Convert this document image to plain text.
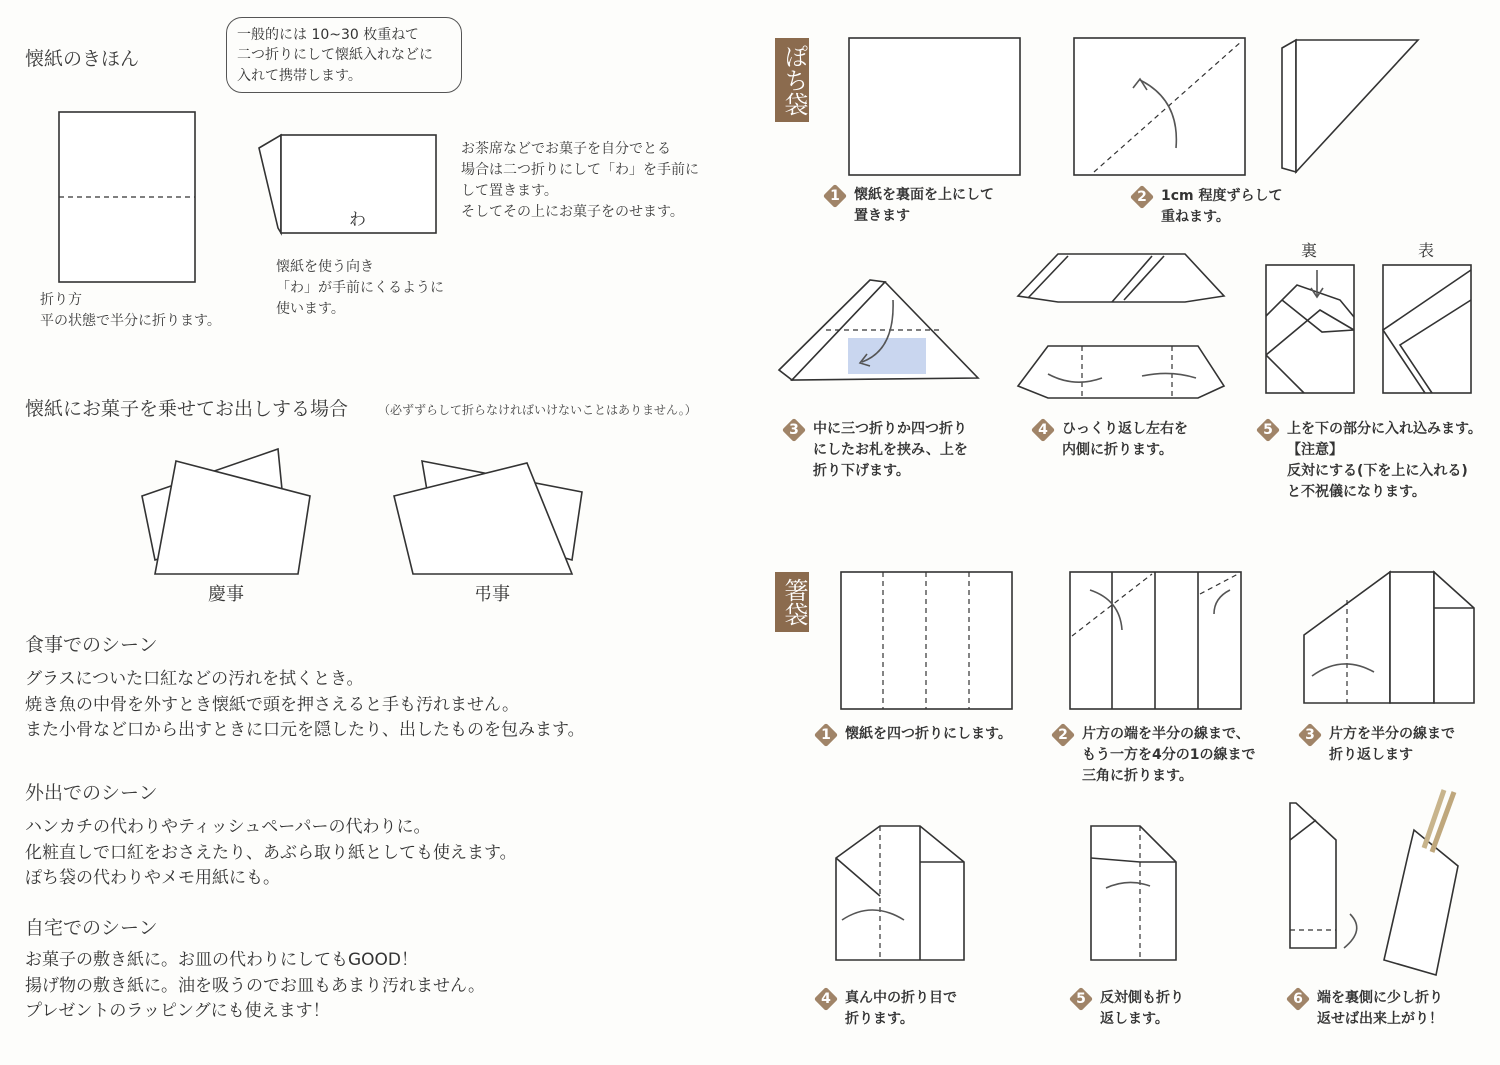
懐紙のきほん
一般的には 10~30 枚重ねて
二つ折りにして懐紙入れなどに
入れて携帯します。
お茶席などでお菓子を自分でとる
場合は二つ折りにして「わ」を手前に
して置きます。
そしてその上にお菓子をのせます。
わ
折り方
平の状態で半分に折ります。
懐紙を使う向き
「わ」が手前にくるように
使います。
懐紙にお菓子を乗せてお出しする場合 （必ずずらして折らなければいけないことはありません。）
慶事	弔事
食事でのシーン
グラスについた口紅などの汚れを拭くとき。
焼き魚の中骨を外すとき懐紙で頭を押さえると手も汚れません。
また小骨など口から出すときに口元を隠したり、出したものを包みます。
外出でのシーン
ハンカチの代わりやティッシュペーパーの代わりに。
化粧直しで口紅をおさえたり、あぶら取り紙としても使えます。
ぽち袋の代わりやメモ用紙にも。
自宅でのシーン
お菓子の敷き紙に。お皿の代わりにしてもGOOD！
揚げ物の敷き紙に。油を吸うのでお皿もあまり汚れません。
プレゼントのラッピングにも使えます！
ぽち袋
裏	表
1	懐紙を裏面を上にして
置きます
2	1cm 程度ずらして
重ねます。
3	中に三つ折りか四つ折り
にしたお札を挟み、上を
折り下げます。
4	ひっくり返し左右を
内側に折ります。
5	上を下の部分に入れ込みます。
【注意】
反対にする(下を上に入れる)
と不祝儀になります。
箸袋
1	懐紙を四つ折りにします。	2	片方の端を半分の線まで、
もう一方を4分の1の線まで
三角に折ります。
3	片方を半分の線まで
折り返します
4	真ん中の折り目で
折ります。
5	反対側も折り
返します。
6	端を裏側に少し折り
返せば出来上がり！
